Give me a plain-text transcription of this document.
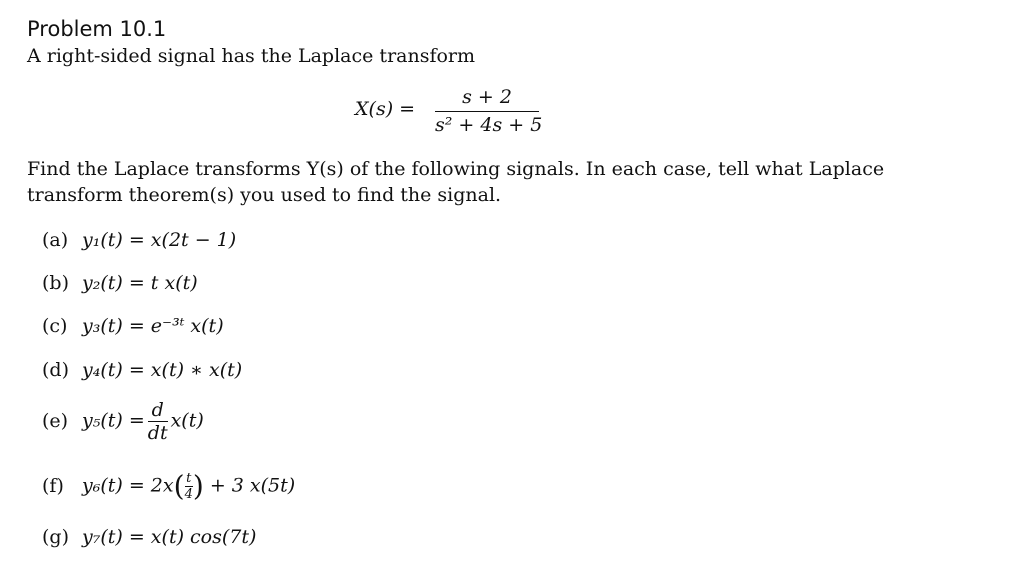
Problem 10.1
A right-sided signal has the Laplace transform
X(s) =
s + 2
s² + 4s + 5
Find the Laplace transforms Y(s) of the following signals. In each case, tell what Laplace
transform theorem(s) you used to find the signal.
(a) y₁(t) = x(2t − 1)
(b) y₂(t) = t x(t)
(c) y₃(t) = e⁻³ᵗ x(t)
(d) y₄(t) = x(t) ∗ x(t)
(e) $y_5(t) = \frac{d}{dt} x(t)$
(f) $y_6(t) = 2x( \frac{t}{4}$ ) + 3 x(5t)
(g) y₇(t) = x(t) cos(7t)
